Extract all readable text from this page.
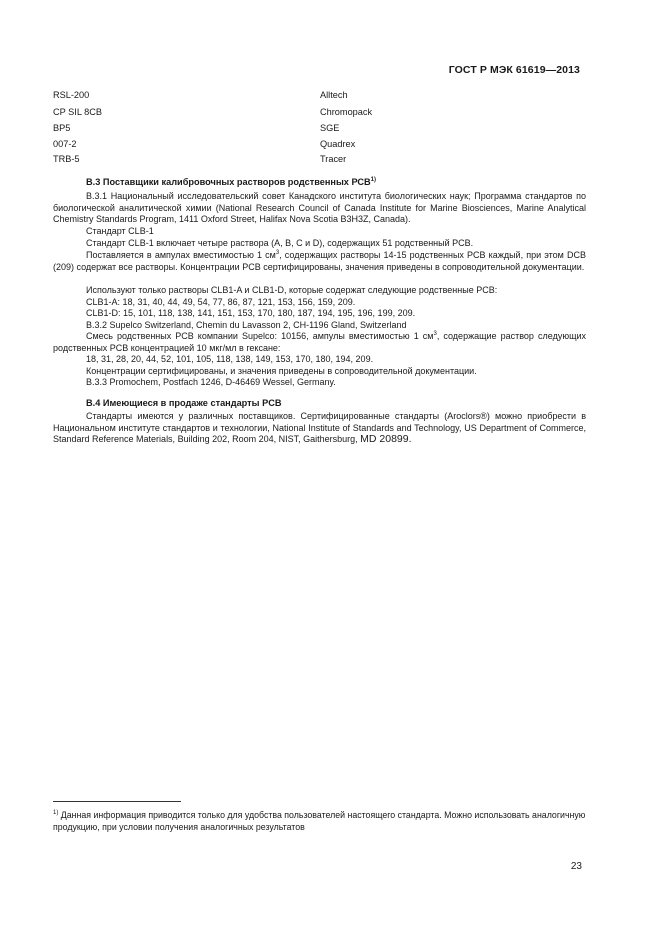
ГОСТ Р МЭК 61619—2013
RSL-200	Alltech
CP SIL 8CB	Chromopack
BP5	SGE
007-2	Quadrex
TRB-5	Tracer
В.3 Поставщики калибровочных растворов родственных РСВ$^{1)}$
В.3.1 Национальный исследовательский совет Канадского института биологических наук; Программа стандартов по биологической аналитической химии (National Research Council of Canada Institute for Marine Biosciences, Marine Analytical Chemistry Standards Program, 1411 Oxford Street, Halifax Nova Scotia B3H3Z, Canada).
Стандарт CLB-1
Стандарт CLB-1 включает четыре раствора (A, B, C и D), содержащих 51 родственный PCB.
Поставляется в ампулах вместимостью 1 $см^3$, содержащих растворы 14-15 родственных PCB каждый, при этом DCB (209) содержат все растворы. Концентрации PCB сертифицированы, значения приведены в сопроводительной документации.
Используют только растворы CLB1-A и CLB1-D, которые содержат следующие родственные PCB:
CLB1-A: 18, 31, 40, 44, 49, 54, 77, 86, 87, 121, 153, 156, 159, 209.
CLB1-D: 15, 101, 118, 138, 141, 151, 153, 170, 180, 187, 194, 195, 196, 199, 209.
В.3.2 Supelco Switzerland, Chemin du Lavasson 2, CH-1196 Gland, Switzerland
Смесь родственных РСВ компании Supelco: 10156, ампулы вместимостью 1 $см^3$, содержащие раствор следующих родственных PCB концентрацией 10 мкг/мл в гексане:
18, 31, 28, 20, 44, 52, 101, 105, 118, 138, 149, 153, 170, 180, 194, 209.
Концентрации сертифицированы, и значения приведены в сопроводительной документации.
В.3.3 Promochem, Postfach 1246, D-46469 Wessel, Germany.
В.4 Имеющиеся в продаже стандарты PCB
Стандарты имеются у различных поставщиков. Сертифицированные стандарты (Aroclors®) можно приобрести в Национальном институте стандартов и технологии, National Institute of Standards and Technology, US Department of Commerce, Standard Reference Materials, Building 202, Room 204, NIST, Gaithersburg, MD 20899.
$^{1)}$ Данная информация приводится только для удобства пользователей настоящего стандарта. Можно использовать аналогичную продукцию, при условии получения аналогичных результатов
23
